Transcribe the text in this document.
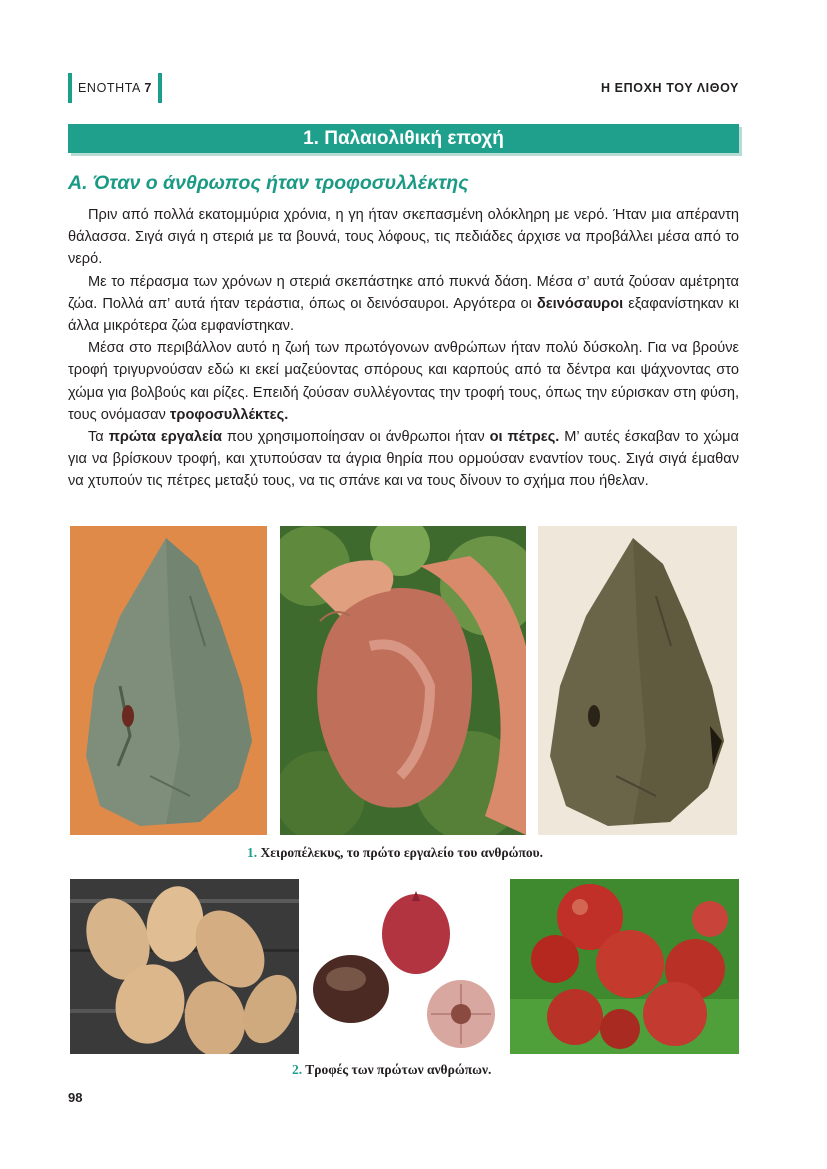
ΕΝΟΤΗΤΑ 7	Η ΕΠΟΧΗ ΤΟΥ ΛΙΘΟΥ
1. Παλαιολιθική εποχή
Α. Όταν ο άνθρωπος ήταν τροφοσυλλέκτης

Πριν από πολλά εκατομμύρια χρόνια, η γη ήταν σκεπασμένη ολόκληρη με νερό. Ήταν μια απέραντη θάλασσα. Σιγά σιγά η στεριά με τα βουνά, τους λόφους, τις πεδιάδες άρχισε να προβάλλει μέσα από το νερό.

Με το πέρασμα των χρόνων η στεριά σκεπάστηκε από πυκνά δάση. Μέσα σ’ αυτά ζούσαν αμέτρητα ζώα. Πολλά απ’ αυτά ήταν τεράστια, όπως οι δεινόσαυροι. Αργότερα οι δεινόσαυροι εξαφανίστηκαν κι άλλα μικρότερα ζώα εμφανίστηκαν.

Μέσα στο περιβάλλον αυτό η ζωή των πρωτόγονων ανθρώπων ήταν πολύ δύσκολη. Για να βρούνε τροφή τριγυρνούσαν εδώ κι εκεί μαζεύοντας σπόρους και καρπούς από τα δέντρα και ψάχνοντας στο χώμα για βολβούς και ρίζες. Επειδή ζούσαν συλλέγοντας την τροφή τους, όπως την εύρισκαν στη φύση, τους ονόμασαν τροφοσυλλέκτες.

Τα πρώτα εργαλεία που χρησιμοποίησαν οι άνθρωποι ήταν οι πέτρες. Μ’ αυτές έσκαβαν το χώμα για να βρίσκουν τροφή, και χτυπούσαν τα άγρια θηρία που ορμούσαν εναντίον τους. Σιγά σιγά έμαθαν να χτυπούν τις πέτρες μεταξύ τους, να τις σπάνε και να τους δίνουν το σχήμα που ήθελαν.

1. Χειροπέλεκυς, το πρώτο εργαλείο του ανθρώπου.
2. Τροφές των πρώτων ανθρώπων.
98
